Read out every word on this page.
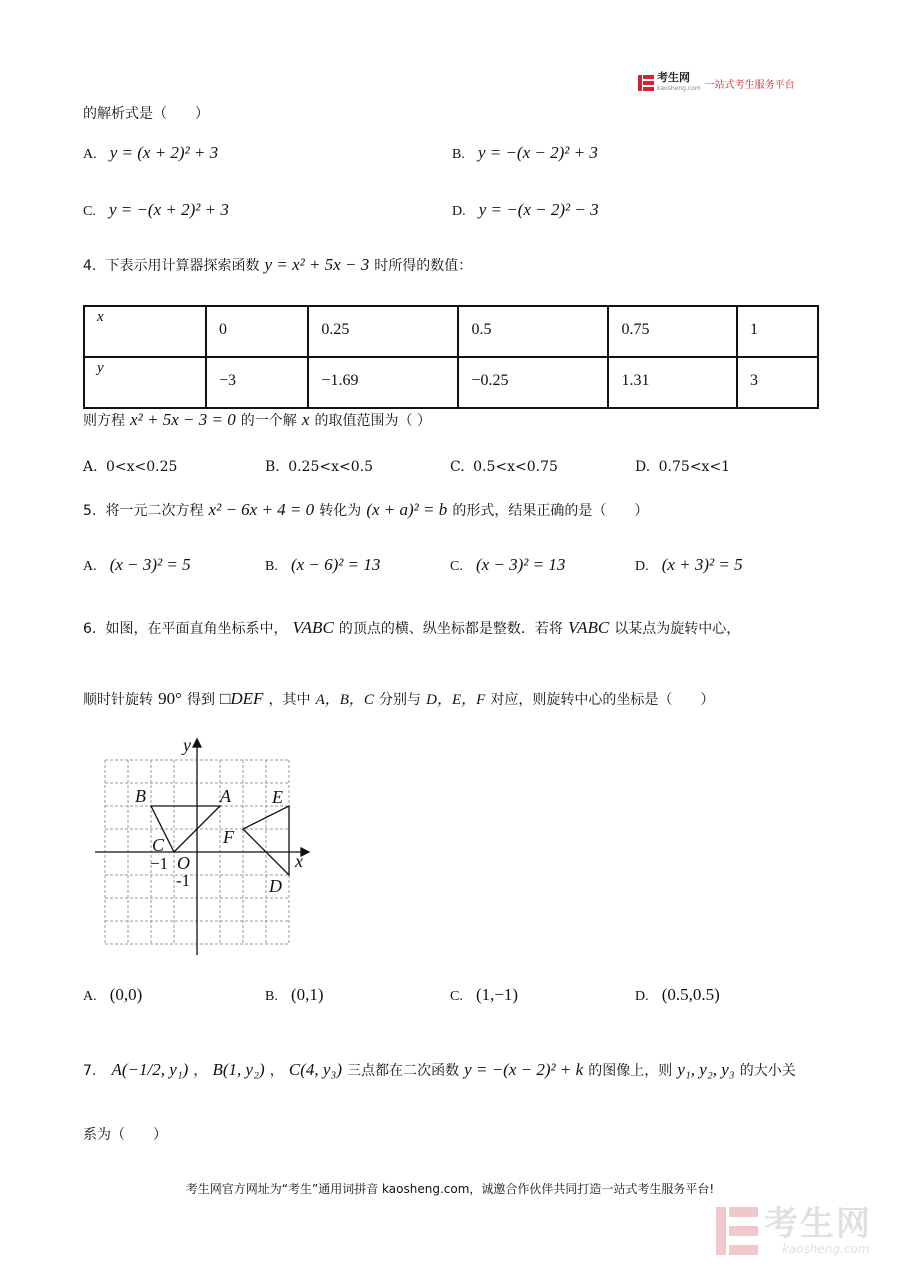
考生网
kaosheng.com 一站式考生服务平台
的解析式是（　　）
A. y = (x + 2)² + 3	B. y = −(x − 2)² + 3
C. y = −(x + 2)² + 3	D. y = −(x − 2)² − 3
4. 下表示用计算器探索函数 y = x² + 5x − 3 时所得的数值：
x	0	0.25	0.5	0.75	1
y	−3	−1.69	−0.25	1.31	3
则方程 x² + 5x − 3 = 0 的一个解 x 的取值范围为（ ）
A. 0<x<0.25	B. 0.25<x<0.5	C. 0.5<x<0.75	D. 0.75<x<1
5. 将一元二次方程 x² − 6x + 4 = 0 转化为 (x + a)² = b 的形式，结果正确的是（　　）
A. (x − 3)² = 5	B. (x − 6)² = 13	C. (x − 3)² = 13	D. (x + 3)² = 5
6. 如图，在平面直角坐标系中， VABC 的顶点的横、纵坐标都是整数．若将 VABC 以某点为旋转中心，
顺时针旋转 90° 得到 □DEF ，其中 A，B，C 分别与 D，E，F 对应，则旋转中心的坐标是（　　）
y
x
B	A E
F
C
O
D
−1
-1
A. (0,0)	B. (0,1)	C. (1,−1)	D. (0.5,0.5)
7. A(−1/2, y₁) ， B(1, y₂) ， C(4, y₃) 三点都在二次函数 y = −(x − 2)² + k 的图像上，则 y₁, y₂, y₃ 的大小关
系为（　　）
考生网官方网址为“考生”通用词拼音 kaosheng.com，诚邀合作伙伴共同打造一站式考生服务平台!
考生网
kaosheng.com
